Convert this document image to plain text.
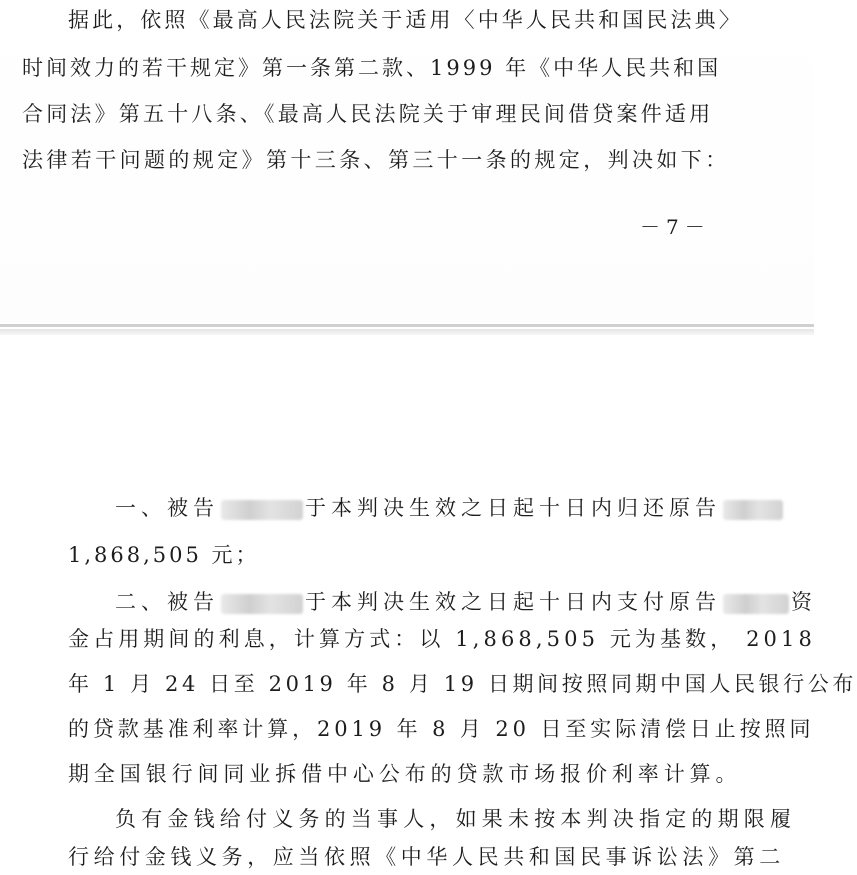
据此，依照《最高人民法院关于适用〈中华人民共和国民法典〉
时间效力的若干规定》第一条第二款、1999 年《中华人民共和国
合同法》第五十八条、《最高人民法院关于审理民间借贷案件适用
法律若干问题的规定》第十三条、第三十一条的规定，判决如下：
－7－
一、被告	于本判决生效之日起十日内归还原告
1,868,505 元；
二、被告	于本判决生效之日起十日内支付原告	资
金占用期间的利息，计算方式：以 1,868,505 元为基数， 2018
年 1 月 24 日至 2019 年 8 月 19 日期间按照同期中国人民银行公布
的贷款基准利率计算，2019 年 8 月 20 日至实际清偿日止按照同
期全国银行间同业拆借中心公布的贷款市场报价利率计算。
负有金钱给付义务的当事人，如果未按本判决指定的期限履
行给付金钱义务，应当依照《中华人民共和国民事诉讼法》第二
